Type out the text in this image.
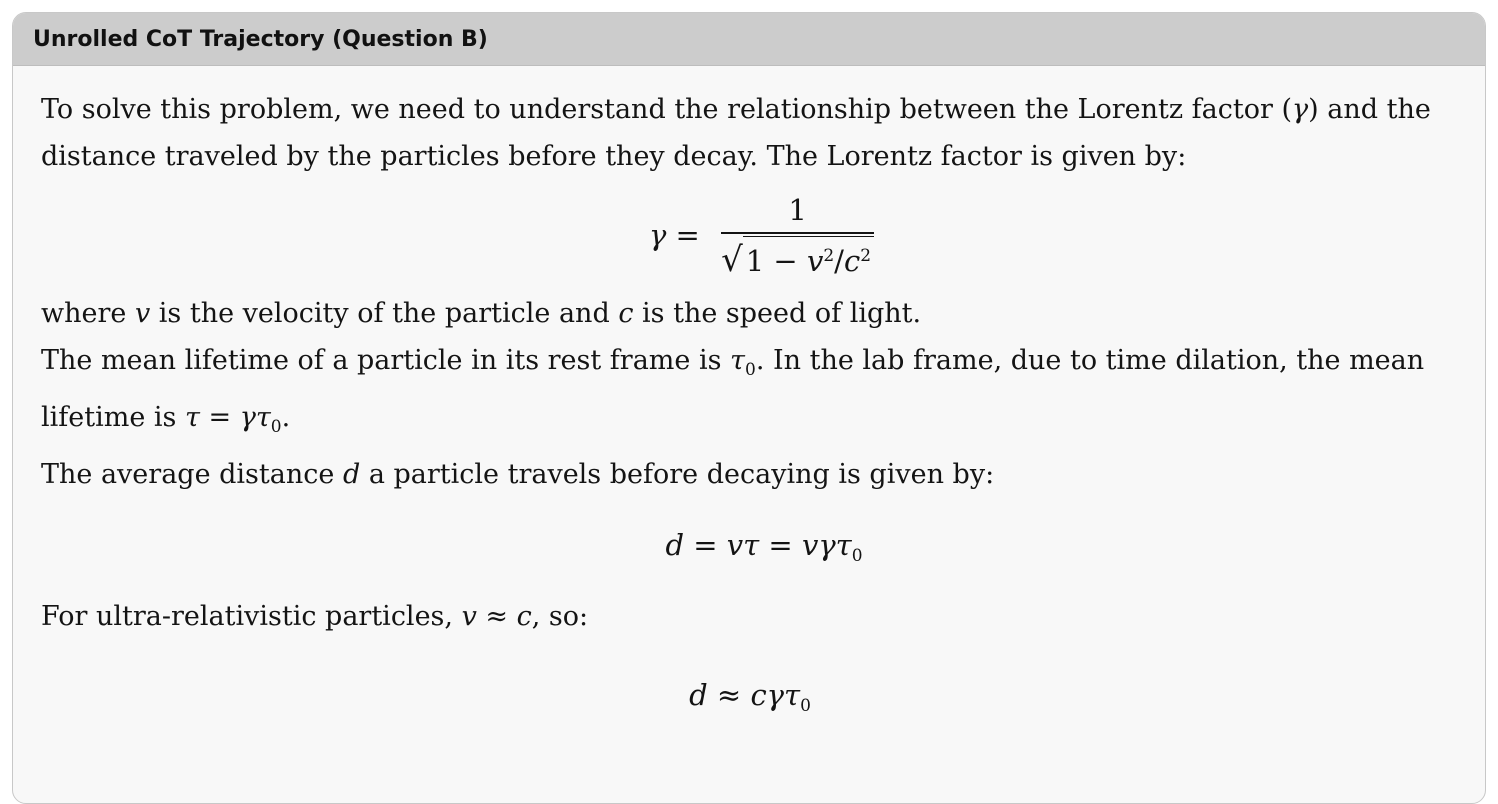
Unrolled CoT Trajectory (Question B)

To solve this problem, we need to understand the relationship between the Lorentz factor (γ) and the distance traveled by the particles before they decay. The Lorentz factor is given by:

$\gamma = \frac{1}{√ 1 - v^2/c^2}$

where v is the velocity of the particle and c is the speed of light.

The mean lifetime of a particle in its rest frame is $\tau_0$. In the lab frame, due to time dilation, the mean lifetime is $\tau = \gamma\tau_0$.

The average distance d a particle travels before decaying is given by:

d = vτ = vγτ$_0$

For ultra-relativistic particles, v ≈ c, so:

d ≈ cγτ$_0$
